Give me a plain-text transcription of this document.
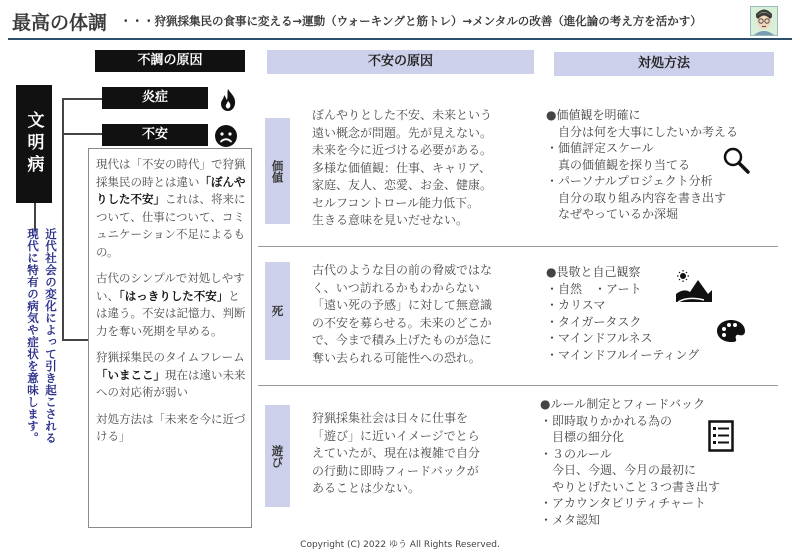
最高の体調 ・・・狩猟採集民の食事に変える→運動（ウォーキングと筋トレ）→メンタルの改善（進化論の考え方を活かす）
不調の原因	不安の原因	対処方法
文明病
近代社会の変化によって引き起こされる
現代に特有の病気や症状を意味します。
炎症
不安

現代は「不安の時代」で狩猟採集民の時とは違い「ぼんやりした不安」これは、将来について、仕事について、コミュニケーション不足によるもの。

古代のシンプルで対処しやすい、「はっきりした不安」とは違う。不安は記憶力、判断力を奪い死期を早める。

狩猟採集民のタイムフレーム「いまここ」現在は遠い未来への対応術が弱い

対処方法は「未来を今に近づける」

価値
ぼんやりとした不安、未来という
遠い概念が問題。先が見えない。
未来を今に近づける必要がある。
多様な価値観：仕事、キャリア、
家庭、友人、恋愛、お金、健康。
セルフコントロール能力低下。
生きる意味を見いだせない。
●価値観を明確に
　自分は何を大事にしたいか考える
・価値評定スケール
　真の価値観を探り当てる
・パーソナルプロジェクト分析
　自分の取り組み内容を書き出す
　なぜやっているか深堀
死
古代のような目の前の脅威ではな
く、いつ訪れるかもわからない
「遠い死の予感」に対して無意識
の不安を募らせる。未来のどこか
で、今まで積み上げたものが急に
奪い去られる可能性への恐れ。
●畏敬と自己観察
・自然　・アート
・カリスマ
・タイガータスク
・マインドフルネス
・マインドフルイーティング
遊び
狩猟採集社会は日々に仕事を
「遊び」に近いイメージでとら
えていたが、現在は複雑で自分
の行動に即時フィードバックが
あることは少ない。
●ルール制定とフィードバック
・即時取りかかれる為の
　目標の細分化
・３のルール
　今日、今週、今月の最初に
　やりとげたいこと３つ書き出す
・アカウンタビリティチャート
・メタ認知
Copyright (C) 2022 ゆう All Rights Reserved.
